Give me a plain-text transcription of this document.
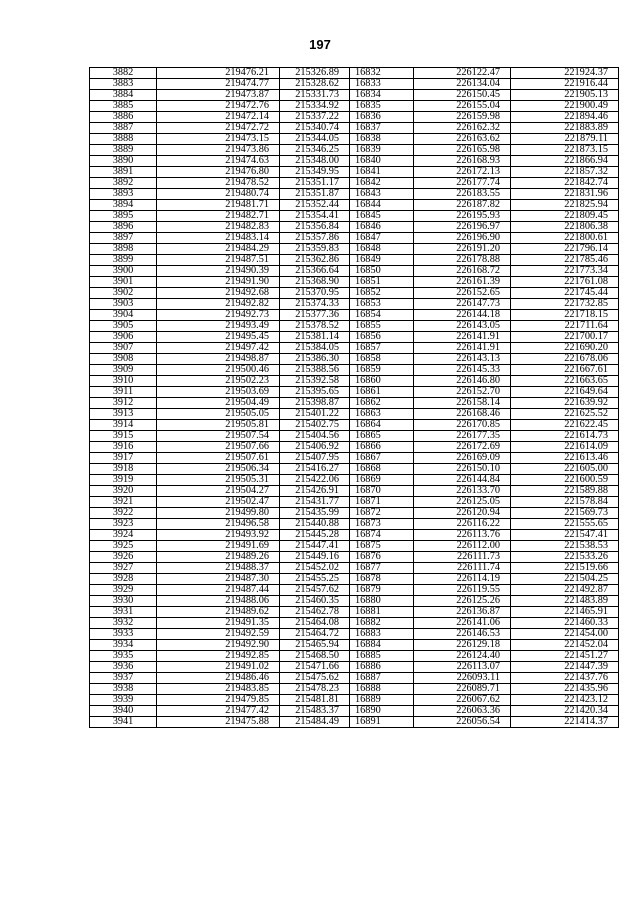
197
3882	219476.21	215326.89	16832	226122.47	221924.37
3883	219474.77	215328.62	16833	226134.04	221916.44
3884	219473.87	215331.73	16834	226150.45	221905.13
3885	219472.76	215334.92	16835	226155.04	221900.49
3886	219472.14	215337.22	16836	226159.98	221894.46
3887	219472.72	215340.74	16837	226162.32	221883.89
3888	219473.15	215344.05	16838	226163.62	221879.11
3889	219473.86	215346.25	16839	226165.98	221873.15
3890	219474.63	215348.00	16840	226168.93	221866.94
3891	219476.80	215349.95	16841	226172.13	221857.32
3892	219478.52	215351.17	16842	226177.74	221842.74
3893	219480.74	215351.87	16843	226183.55	221831.96
3894	219481.71	215352.44	16844	226187.82	221825.94
3895	219482.71	215354.41	16845	226195.93	221809.45
3896	219482.83	215356.84	16846	226196.97	221806.38
3897	219483.14	215357.86	16847	226196.90	221800.61
3898	219484.29	215359.83	16848	226191.20	221796.14
3899	219487.51	215362.86	16849	226178.88	221785.46
3900	219490.39	215366.64	16850	226168.72	221773.34
3901	219491.90	215368.90	16851	226161.39	221761.08
3902	219492.68	215370.95	16852	226152.65	221745.44
3903	219492.82	215374.33	16853	226147.73	221732.85
3904	219492.73	215377.36	16854	226144.18	221718.15
3905	219493.49	215378.52	16855	226143.05	221711.64
3906	219495.45	215381.14	16856	226141.91	221700.17
3907	219497.42	215384.05	16857	226141.91	221690.20
3908	219498.87	215386.30	16858	226143.13	221678.06
3909	219500.46	215388.56	16859	226145.33	221667.61
3910	219502.23	215392.58	16860	226146.80	221663.65
3911	219503.69	215395.65	16861	226152.70	221649.64
3912	219504.49	215398.87	16862	226158.14	221639.92
3913	219505.05	215401.22	16863	226168.46	221625.52
3914	219505.81	215402.75	16864	226170.85	221622.45
3915	219507.54	215404.56	16865	226177.35	221614.73
3916	219507.66	215406.92	16866	226172.69	221614.09
3917	219507.61	215407.95	16867	226169.09	221613.46
3918	219506.34	215416.27	16868	226150.10	221605.00
3919	219505.31	215422.06	16869	226144.84	221600.59
3920	219504.27	215426.91	16870	226133.70	221589.88
3921	219502.47	215431.77	16871	226125.05	221578.84
3922	219499.80	215435.99	16872	226120.94	221569.73
3923	219496.58	215440.88	16873	226116.22	221555.65
3924	219493.92	215445.28	16874	226113.76	221547.41
3925	219491.69	215447.41	16875	226112.00	221538.53
3926	219489.26	215449.16	16876	226111.73	221533.26
3927	219488.37	215452.02	16877	226111.74	221519.66
3928	219487.30	215455.25	16878	226114.19	221504.25
3929	219487.44	215457.62	16879	226119.55	221492.87
3930	219488.06	215460.35	16880	226125.26	221483.89
3931	219489.62	215462.78	16881	226136.87	221465.91
3932	219491.35	215464.08	16882	226141.06	221460.33
3933	219492.59	215464.72	16883	226146.53	221454.00
3934	219492.90	215465.94	16884	226129.18	221452.04
3935	219492.85	215468.50	16885	226124.40	221451.27
3936	219491.02	215471.66	16886	226113.07	221447.39
3937	219486.46	215475.62	16887	226093.11	221437.76
3938	219483.85	215478.23	16888	226089.71	221435.96
3939	219479.85	215481.81	16889	226067.62	221423.12
3940	219477.42	215483.37	16890	226063.36	221420.34
3941	219475.88	215484.49	16891	226056.54	221414.37
